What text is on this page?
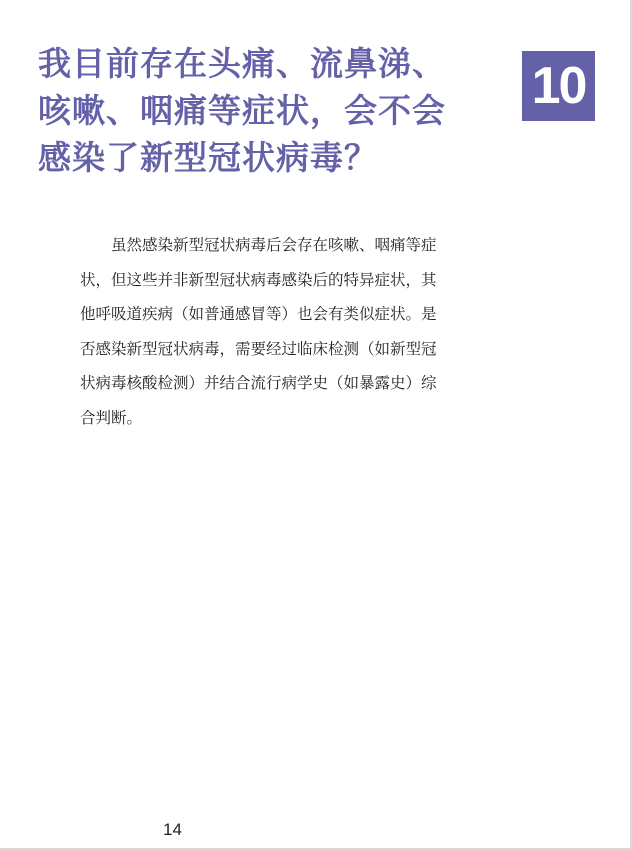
我目前存在头痛、流鼻涕、
咳嗽、咽痛等症状，会不会
感染了新型冠状病毒？
10

　　虽然感染新型冠状病毒后会存在咳嗽、咽痛等症
状，但这些并非新型冠状病毒感染后的特异症状，其
他呼吸道疾病（如普通感冒等）也会有类似症状。是
否感染新型冠状病毒，需要经过临床检测（如新型冠
状病毒核酸检测）并结合流行病学史（如暴露史）综
合判断。

14
